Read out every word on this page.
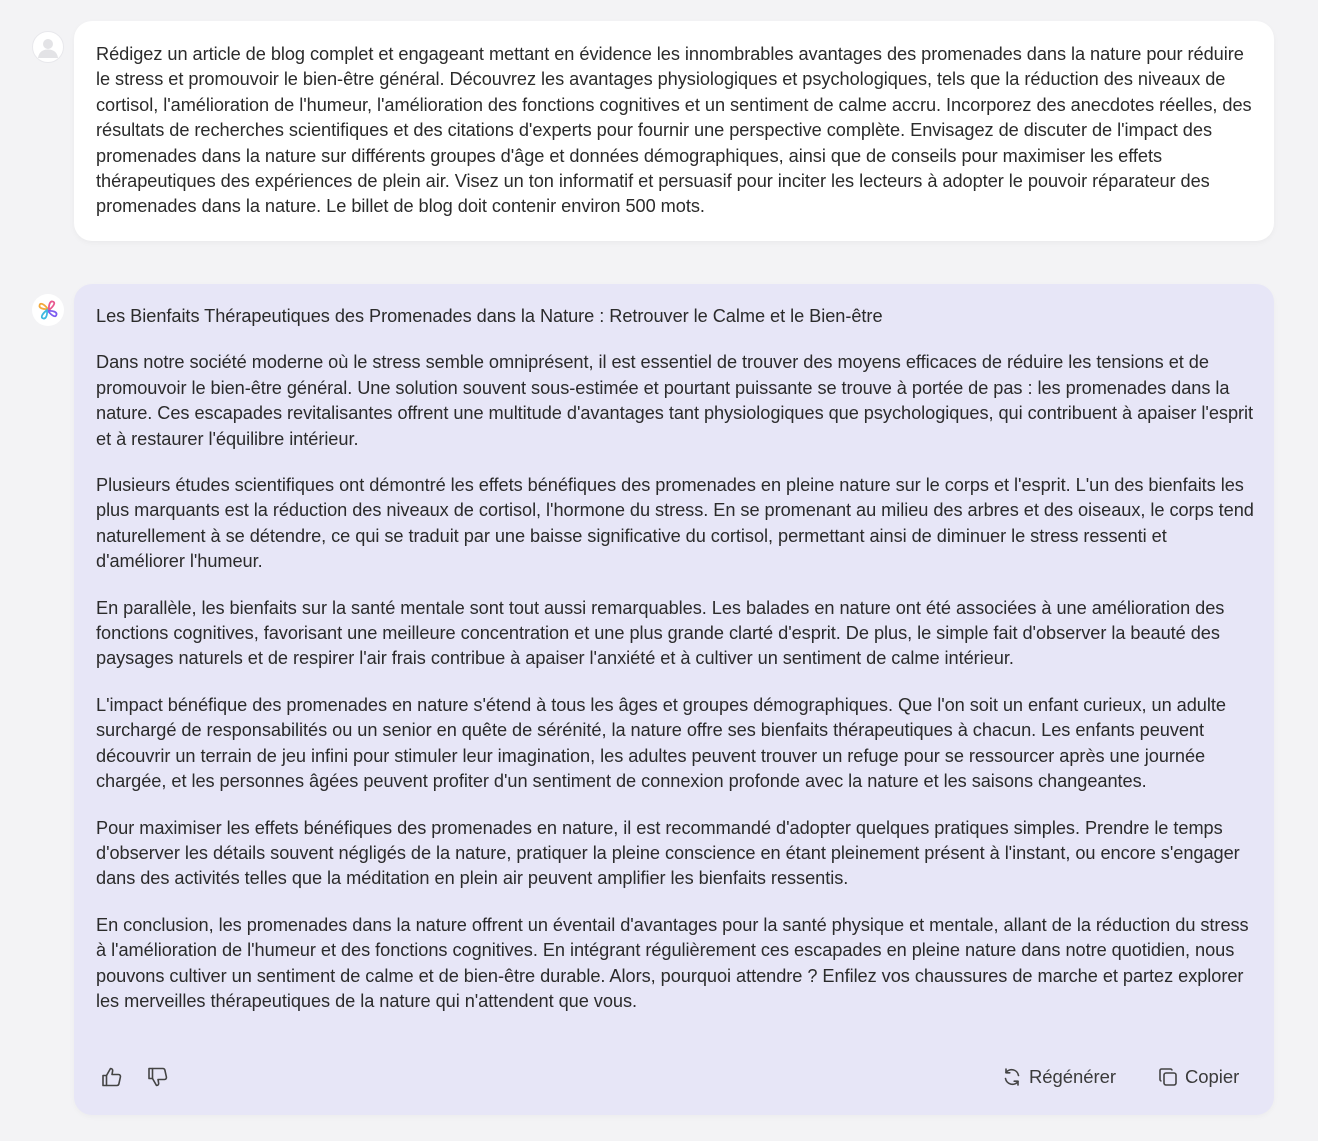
Rédigez un article de blog complet et engageant mettant en évidence les innombrables avantages des promenades dans la nature pour réduire le stress et promouvoir le bien-être général. Découvrez les avantages physiologiques et psychologiques, tels que la réduction des niveaux de cortisol, l'amélioration de l'humeur, l'amélioration des fonctions cognitives et un sentiment de calme accru. Incorporez des anecdotes réelles, des résultats de recherches scientifiques et des citations d'experts pour fournir une perspective complète. Envisagez de discuter de l'impact des promenades dans la nature sur différents groupes d'âge et données démographiques, ainsi que de conseils pour maximiser les effets thérapeutiques des expériences de plein air. Visez un ton informatif et persuasif pour inciter les lecteurs à adopter le pouvoir réparateur des promenades dans la nature. Le billet de blog doit contenir environ 500 mots.

Les Bienfaits Thérapeutiques des Promenades dans la Nature : Retrouver le Calme et le Bien-être

Dans notre société moderne où le stress semble omniprésent, il est essentiel de trouver des moyens efficaces de réduire les tensions et de promouvoir le bien-être général. Une solution souvent sous-estimée et pourtant puissante se trouve à portée de pas : les promenades dans la nature. Ces escapades revitalisantes offrent une multitude d'avantages tant physiologiques que psychologiques, qui contribuent à apaiser l'esprit et à restaurer l'équilibre intérieur.

Plusieurs études scientifiques ont démontré les effets bénéfiques des promenades en pleine nature sur le corps et l'esprit. L'un des bienfaits les plus marquants est la réduction des niveaux de cortisol, l'hormone du stress. En se promenant au milieu des arbres et des oiseaux, le corps tend naturellement à se détendre, ce qui se traduit par une baisse significative du cortisol, permettant ainsi de diminuer le stress ressenti et d'améliorer l'humeur.

En parallèle, les bienfaits sur la santé mentale sont tout aussi remarquables. Les balades en nature ont été associées à une amélioration des fonctions cognitives, favorisant une meilleure concentration et une plus grande clarté d'esprit. De plus, le simple fait d'observer la beauté des paysages naturels et de respirer l'air frais contribue à apaiser l'anxiété et à cultiver un sentiment de calme intérieur.

L'impact bénéfique des promenades en nature s'étend à tous les âges et groupes démographiques. Que l'on soit un enfant curieux, un adulte surchargé de responsabilités ou un senior en quête de sérénité, la nature offre ses bienfaits thérapeutiques à chacun. Les enfants peuvent découvrir un terrain de jeu infini pour stimuler leur imagination, les adultes peuvent trouver un refuge pour se ressourcer après une journée chargée, et les personnes âgées peuvent profiter d'un sentiment de connexion profonde avec la nature et les saisons changeantes.

Pour maximiser les effets bénéfiques des promenades en nature, il est recommandé d'adopter quelques pratiques simples. Prendre le temps d'observer les détails souvent négligés de la nature, pratiquer la pleine conscience en étant pleinement présent à l'instant, ou encore s'engager dans des activités telles que la méditation en plein air peuvent amplifier les bienfaits ressentis.

En conclusion, les promenades dans la nature offrent un éventail d'avantages pour la santé physique et mentale, allant de la réduction du stress à l'amélioration de l'humeur et des fonctions cognitives. En intégrant régulièrement ces escapades en pleine nature dans notre quotidien, nous pouvons cultiver un sentiment de calme et de bien-être durable. Alors, pourquoi attendre ? Enfilez vos chaussures de marche et partez explorer les merveilles thérapeutiques de la nature qui n'attendent que vous.

Régénérer	Copier
